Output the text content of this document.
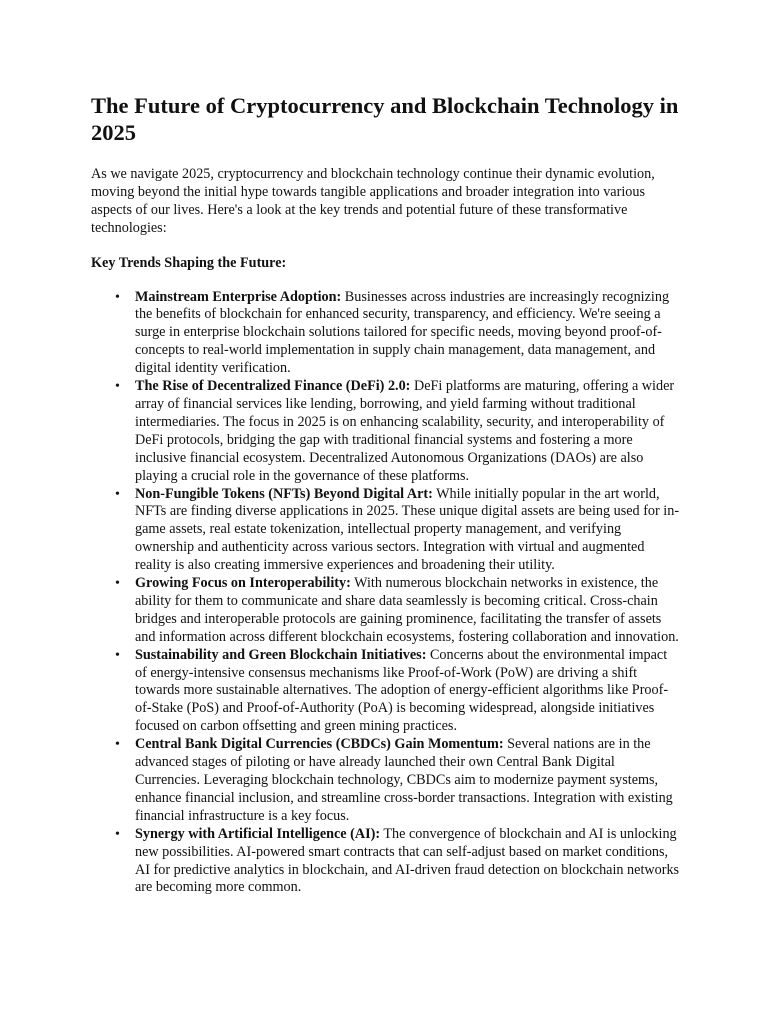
The Future of Cryptocurrency and Blockchain Technology in 2025

As we navigate 2025, cryptocurrency and blockchain technology continue their dynamic evolution, moving beyond the initial hype towards tangible applications and broader integration into various aspects of our lives. Here's a look at the key trends and potential future of these transformative technologies:

Key Trends Shaping the Future:

• Mainstream Enterprise Adoption: Businesses across industries are increasingly recognizing the benefits of blockchain for enhanced security, transparency, and efficiency. We're seeing a surge in enterprise blockchain solutions tailored for specific needs, moving beyond proof-of-concepts to real-world implementation in supply chain management, data management, and digital identity verification.
• The Rise of Decentralized Finance (DeFi) 2.0: DeFi platforms are maturing, offering a wider array of financial services like lending, borrowing, and yield farming without traditional intermediaries. The focus in 2025 is on enhancing scalability, security, and interoperability of DeFi protocols, bridging the gap with traditional financial systems and fostering a more inclusive financial ecosystem. Decentralized Autonomous Organizations (DAOs) are also playing a crucial role in the governance of these platforms.
• Non-Fungible Tokens (NFTs) Beyond Digital Art: While initially popular in the art world, NFTs are finding diverse applications in 2025. These unique digital assets are being used for in-game assets, real estate tokenization, intellectual property management, and verifying ownership and authenticity across various sectors. Integration with virtual and augmented reality is also creating immersive experiences and broadening their utility.
• Growing Focus on Interoperability: With numerous blockchain networks in existence, the ability for them to communicate and share data seamlessly is becoming critical. Cross-chain bridges and interoperable protocols are gaining prominence, facilitating the transfer of assets and information across different blockchain ecosystems, fostering collaboration and innovation.
• Sustainability and Green Blockchain Initiatives: Concerns about the environmental impact of energy-intensive consensus mechanisms like Proof-of-Work (PoW) are driving a shift towards more sustainable alternatives. The adoption of energy-efficient algorithms like Proof-of-Stake (PoS) and Proof-of-Authority (PoA) is becoming widespread, alongside initiatives focused on carbon offsetting and green mining practices.
• Central Bank Digital Currencies (CBDCs) Gain Momentum: Several nations are in the advanced stages of piloting or have already launched their own Central Bank Digital Currencies. Leveraging blockchain technology, CBDCs aim to modernize payment systems, enhance financial inclusion, and streamline cross-border transactions. Integration with existing financial infrastructure is a key focus.
• Synergy with Artificial Intelligence (AI): The convergence of blockchain and AI is unlocking new possibilities. AI-powered smart contracts that can self-adjust based on market conditions, AI for predictive analytics in blockchain, and AI-driven fraud detection on blockchain networks are becoming more common.
